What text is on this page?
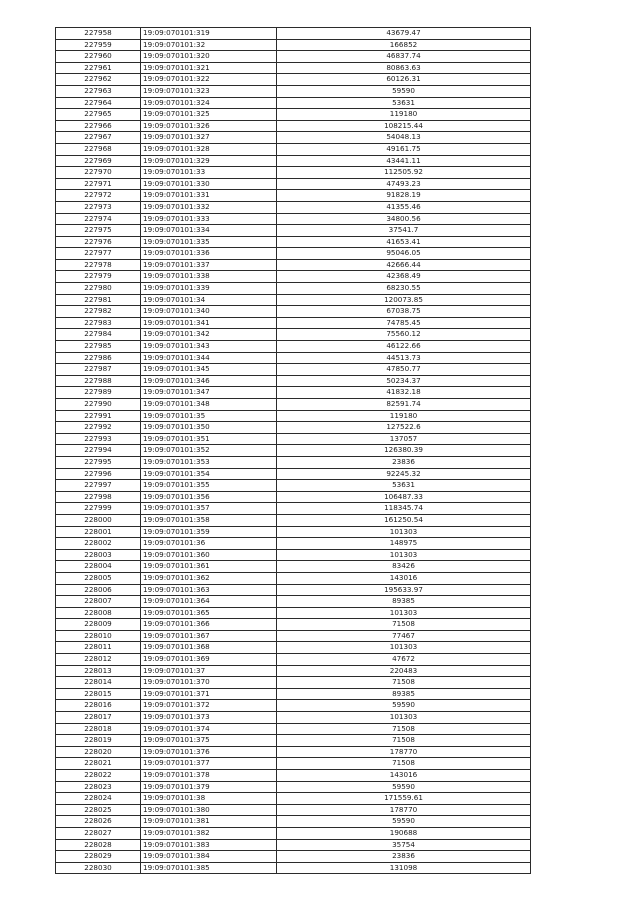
227958	19:09:070101:319	43679.47
227959	19:09:070101:32	166852
227960	19:09:070101:320	46837.74
227961	19:09:070101:321	80863.63
227962	19:09:070101:322	60126.31
227963	19:09:070101:323	59590
227964	19:09:070101:324	53631
227965	19:09:070101:325	119180
227966	19:09:070101:326	108215.44
227967	19:09:070101:327	54048.13
227968	19:09:070101:328	49161.75
227969	19:09:070101:329	43441.11
227970	19:09:070101:33	112505.92
227971	19:09:070101:330	47493.23
227972	19:09:070101:331	91828.19
227973	19:09:070101:332	41355.46
227974	19:09:070101:333	34800.56
227975	19:09:070101:334	37541.7
227976	19:09:070101:335	41653.41
227977	19:09:070101:336	95046.05
227978	19:09:070101:337	42666.44
227979	19:09:070101:338	42368.49
227980	19:09:070101:339	68230.55
227981	19:09:070101:34	120073.85
227982	19:09:070101:340	67038.75
227983	19:09:070101:341	74785.45
227984	19:09:070101:342	75560.12
227985	19:09:070101:343	46122.66
227986	19:09:070101:344	44513.73
227987	19:09:070101:345	47850.77
227988	19:09:070101:346	50234.37
227989	19:09:070101:347	41832.18
227990	19:09:070101:348	82591.74
227991	19:09:070101:35	119180
227992	19:09:070101:350	127522.6
227993	19:09:070101:351	137057
227994	19:09:070101:352	126380.39
227995	19:09:070101:353	23836
227996	19:09:070101:354	92245.32
227997	19:09:070101:355	53631
227998	19:09:070101:356	106487.33
227999	19:09:070101:357	118345.74
228000	19:09:070101:358	161250.54
228001	19:09:070101:359	101303
228002	19:09:070101:36	148975
228003	19:09:070101:360	101303
228004	19:09:070101:361	83426
228005	19:09:070101:362	143016
228006	19:09:070101:363	195633.97
228007	19:09:070101:364	89385
228008	19:09:070101:365	101303
228009	19:09:070101:366	71508
228010	19:09:070101:367	77467
228011	19:09:070101:368	101303
228012	19:09:070101:369	47672
228013	19:09:070101:37	220483
228014	19:09:070101:370	71508
228015	19:09:070101:371	89385
228016	19:09:070101:372	59590
228017	19:09:070101:373	101303
228018	19:09:070101:374	71508
228019	19:09:070101:375	71508
228020	19:09:070101:376	178770
228021	19:09:070101:377	71508
228022	19:09:070101:378	143016
228023	19:09:070101:379	59590
228024	19:09:070101:38	171559.61
228025	19:09:070101:380	178770
228026	19:09:070101:381	59590
228027	19:09:070101:382	190688
228028	19:09:070101:383	35754
228029	19:09:070101:384	23836
228030	19:09:070101:385	131098
